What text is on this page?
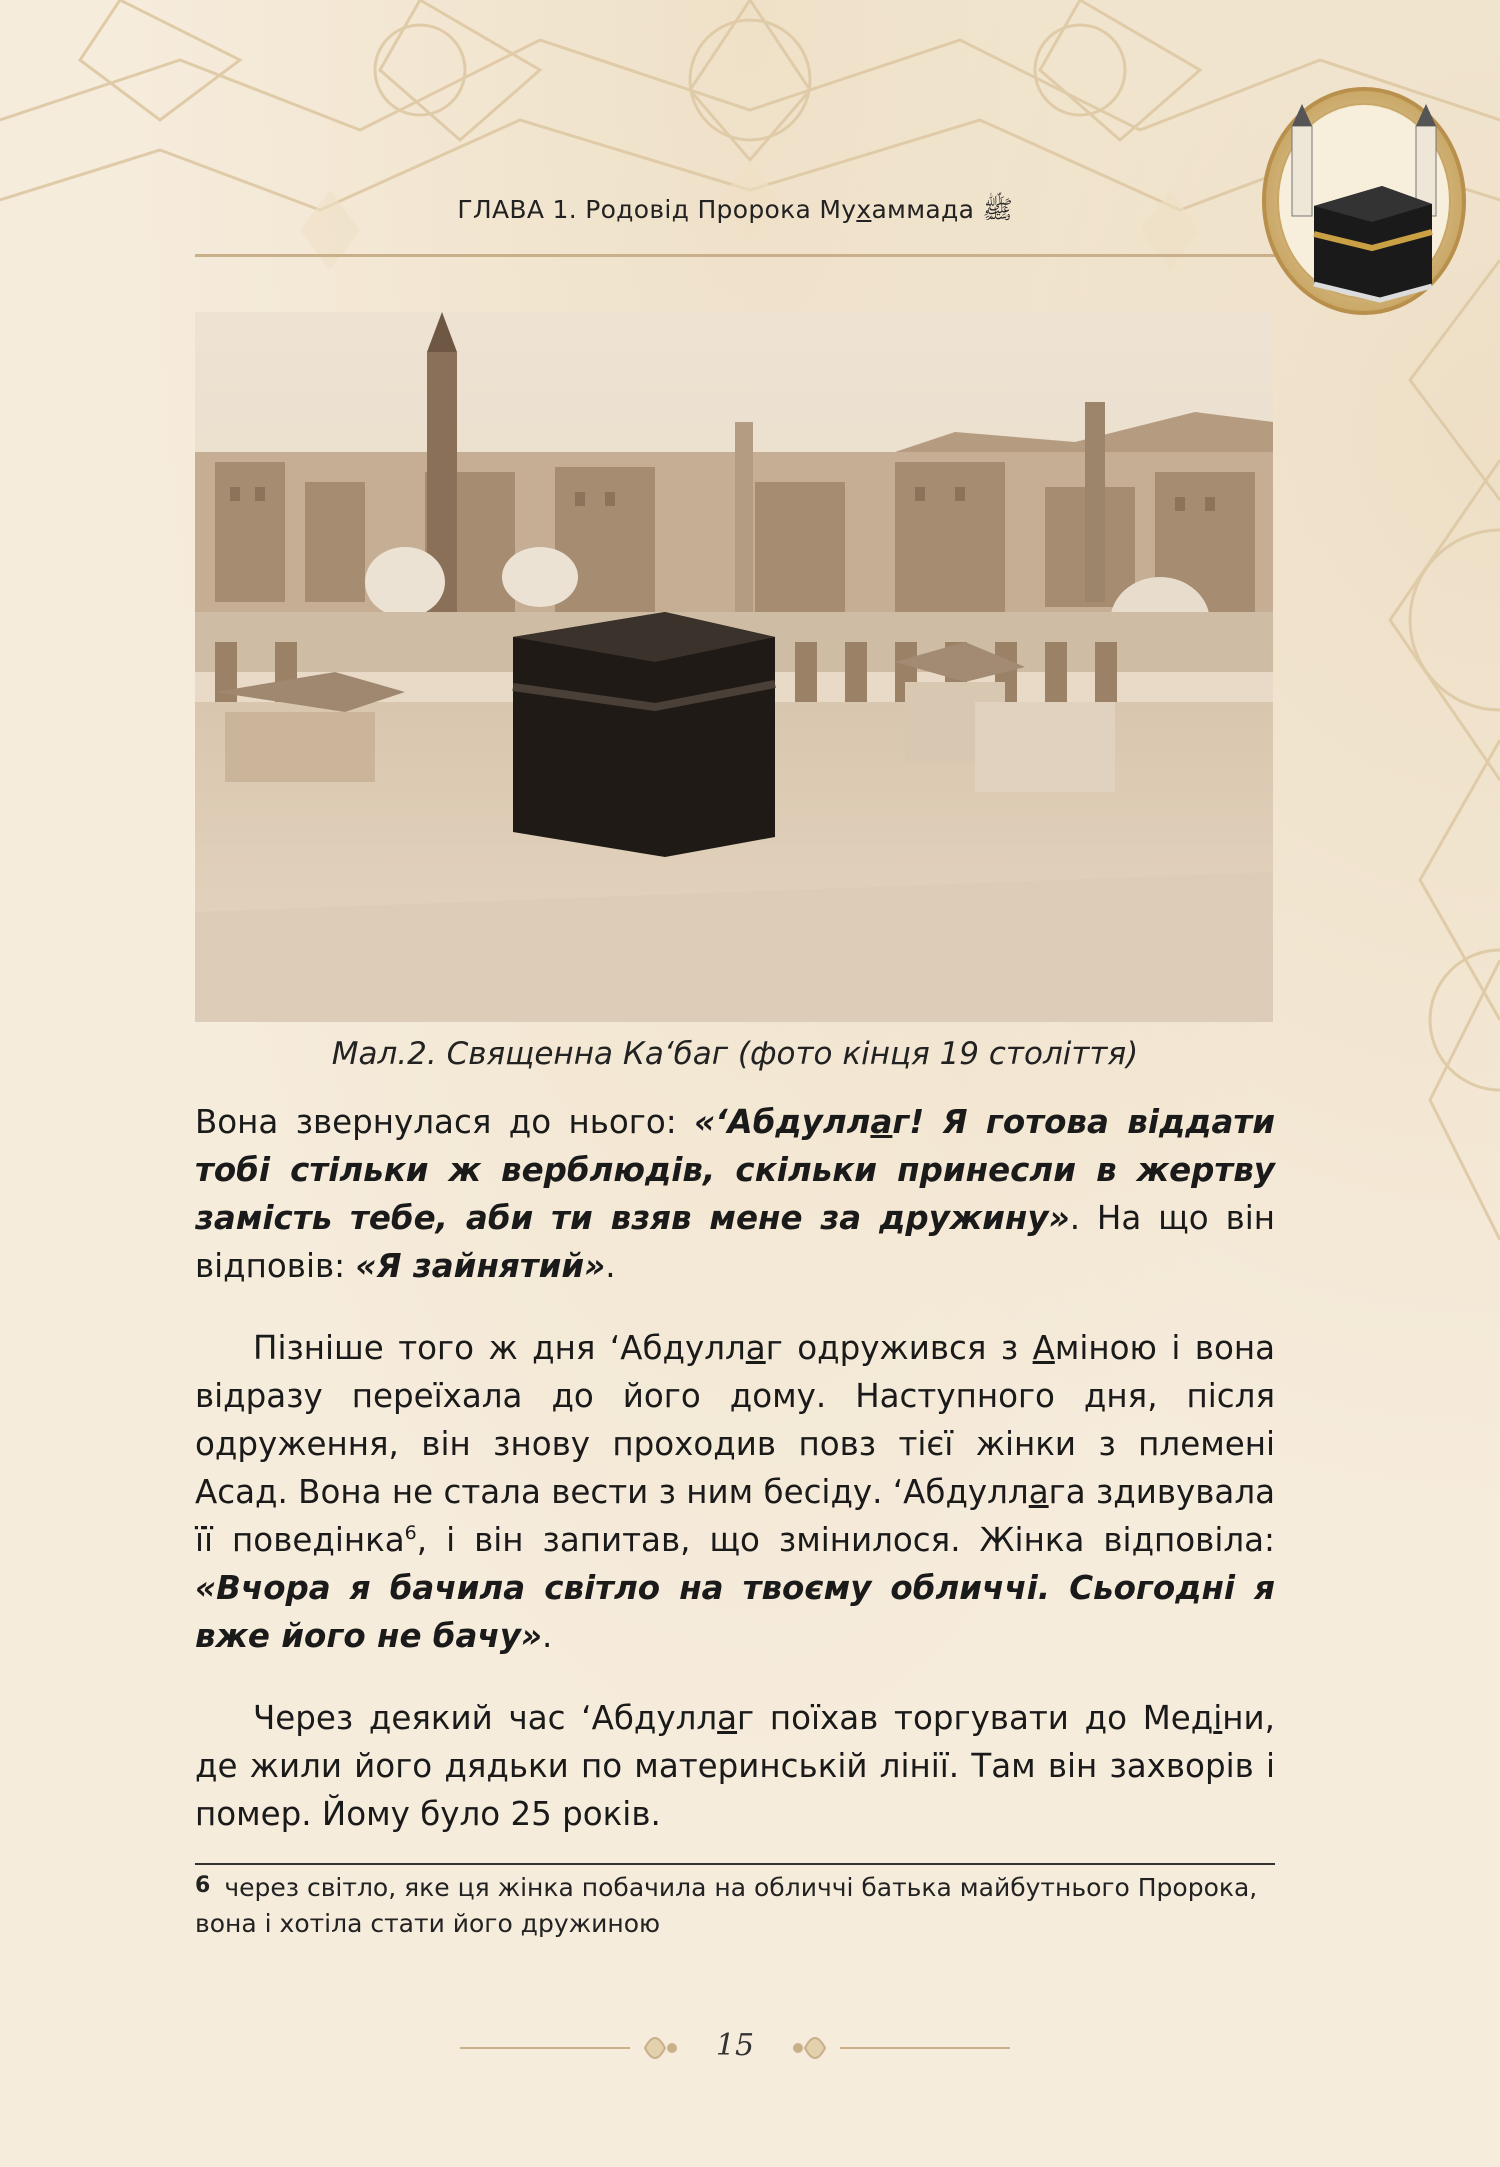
ГЛАВА 1. Родовід Пророка Мухаммада ﷺ
Мал.2. Священна Ка‘баг (фото кінця 19 століття)

Вона звернулася до нього: «‘Абдуллаг! Я готова віддати тобі стільки ж верблюдів, скільки принесли в жертву замість тебе, аби ти взяв мене за дружину». На що він відповів: «Я зайнятий».

Пізніше того ж дня ‘Абдуллаг одружився з Аміною і вона відразу переїхала до його дому. Наступного дня, після одруження, він знову проходив повз тієї жінки з племені Асад. Вона не стала вести з ним бесіду. ‘Абдуллага здивувала її поведінка$^6$, і він запитав, що змінилося. Жінка відповіла: «Вчора я бачила світло на твоєму обличчі. Сьогодні я вже його не бачу».

Через деякий час ‘Абдуллаг поїхав торгувати до Медіни, де жили його дядьки по материнській лінії. Там він захворів і помер. Йому було 25 років.

6 через світло, яке ця жінка побачила на обличчі батька майбутнього Пророка, вона і хотіла стати його дружиною
15
